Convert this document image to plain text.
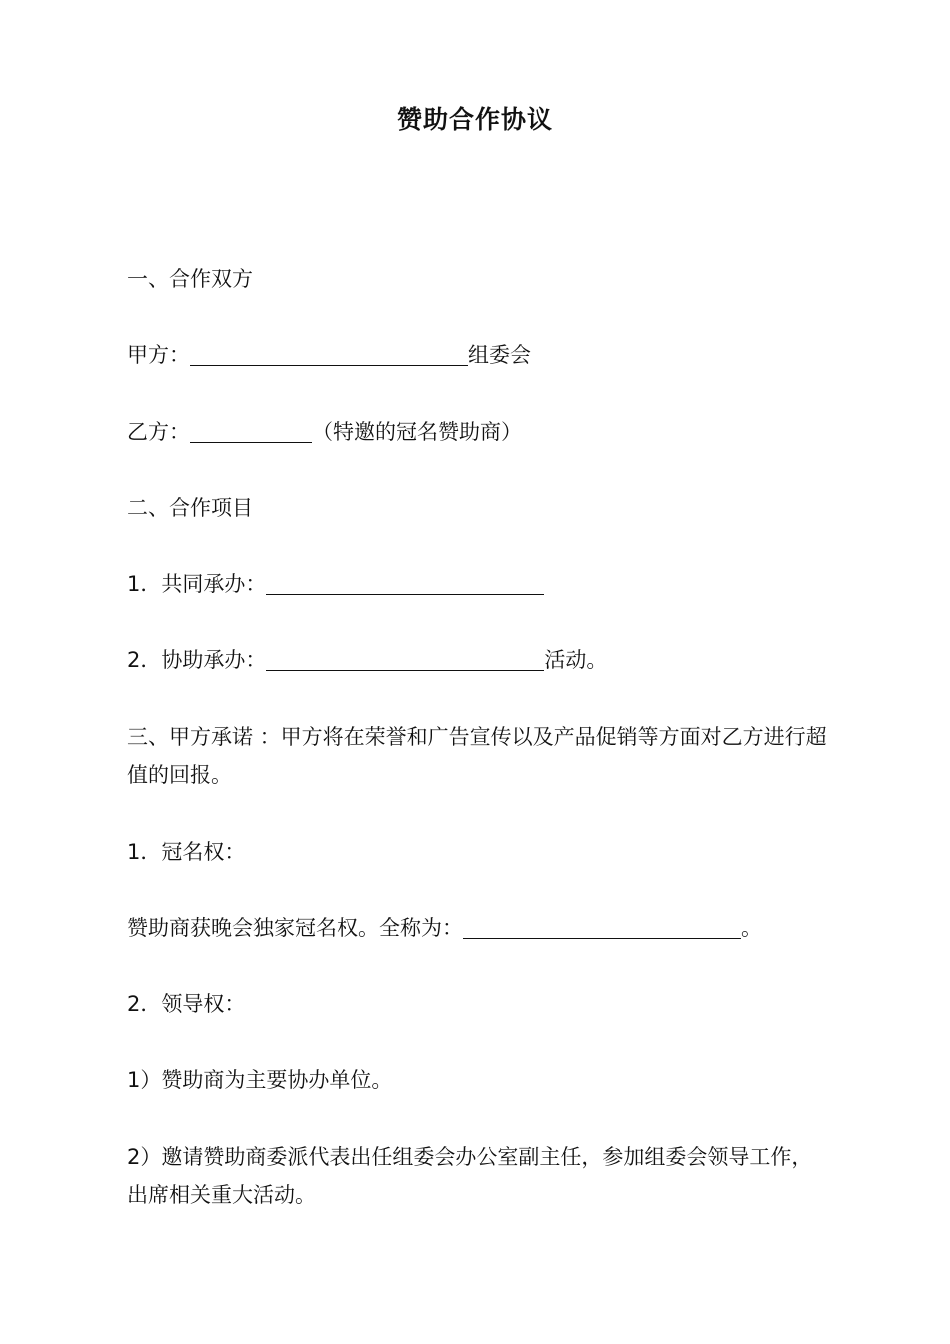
赞助合作协议
一、合作双方
甲方：	组委会
乙方：	（特邀的冠名赞助商）
二、合作项目
1．共同承办：
2．协助承办：	活动。
三、甲方承诺 ：甲方将在荣誉和广告宣传以及产品促销等方面对乙方进行超值的回报。
1．冠名权：
赞助商获晚会独家冠名权。全称为：	。
2．领导权：
1）赞助商为主要协办单位。
2）邀请赞助商委派代表出任组委会办公室副主任，参加组委会领导工作，出席相关重大活动。
